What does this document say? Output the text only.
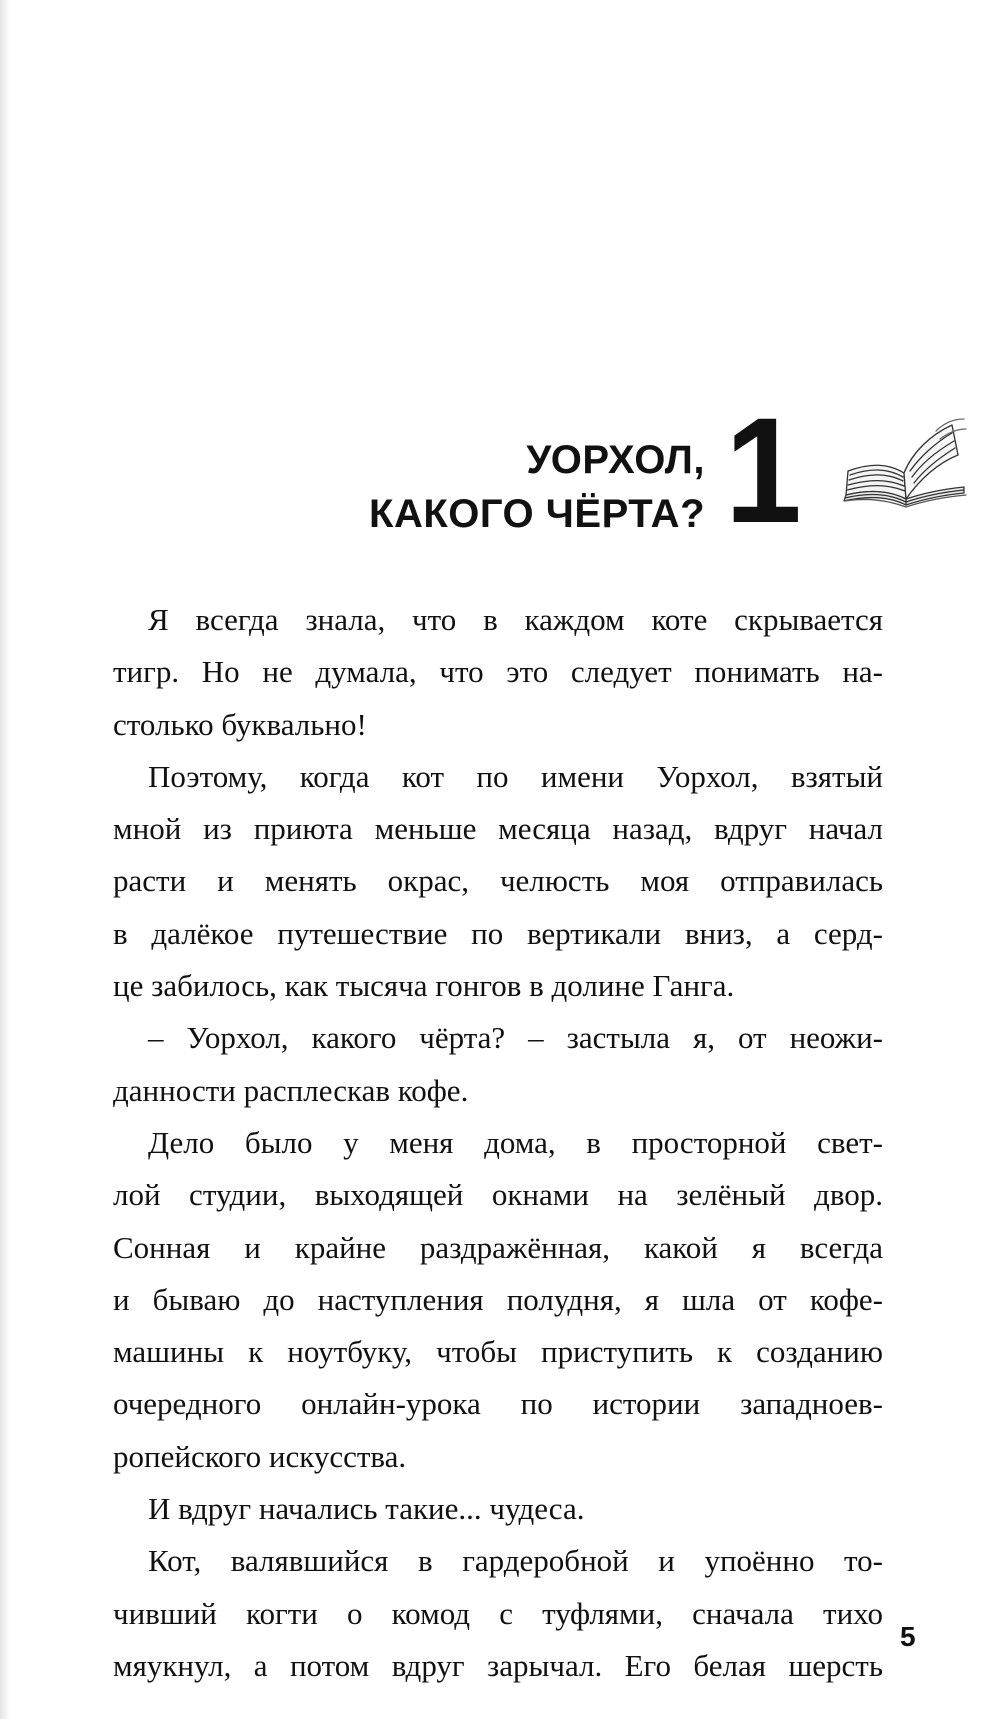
УОРХОЛ,
КАКОГО ЧЁРТА? 1
Я всегда знала, что в каждом коте скрывается
тигр. Но не думала, что это следует понимать на-
столько буквально!
Поэтому, когда кот по имени Уорхол, взятый
мной из приюта меньше месяца назад, вдруг начал
расти и менять окрас, челюсть моя отправилась
в далёкое путешествие по вертикали вниз, а серд-
це забилось, как тысяча гонгов в долине Ганга.
– Уорхол, какого чёрта? – застыла я, от неожи-
данности расплескав кофе.
Дело было у меня дома, в просторной свет-
лой студии, выходящей окнами на зелёный двор.
Сонная и крайне раздражённая, какой я всегда
и бываю до наступления полудня, я шла от кофе-
машины к ноутбуку, чтобы приступить к созданию
очередного онлайн-урока по истории западноев-
ропейского искусства.
И вдруг начались такие... чудеса.
Кот, валявшийся в гардеробной и упоённо то-
чивший когти о комод с туфлями, сначала тихо
мяукнул, а потом вдруг зарычал. Его белая шерсть
5
